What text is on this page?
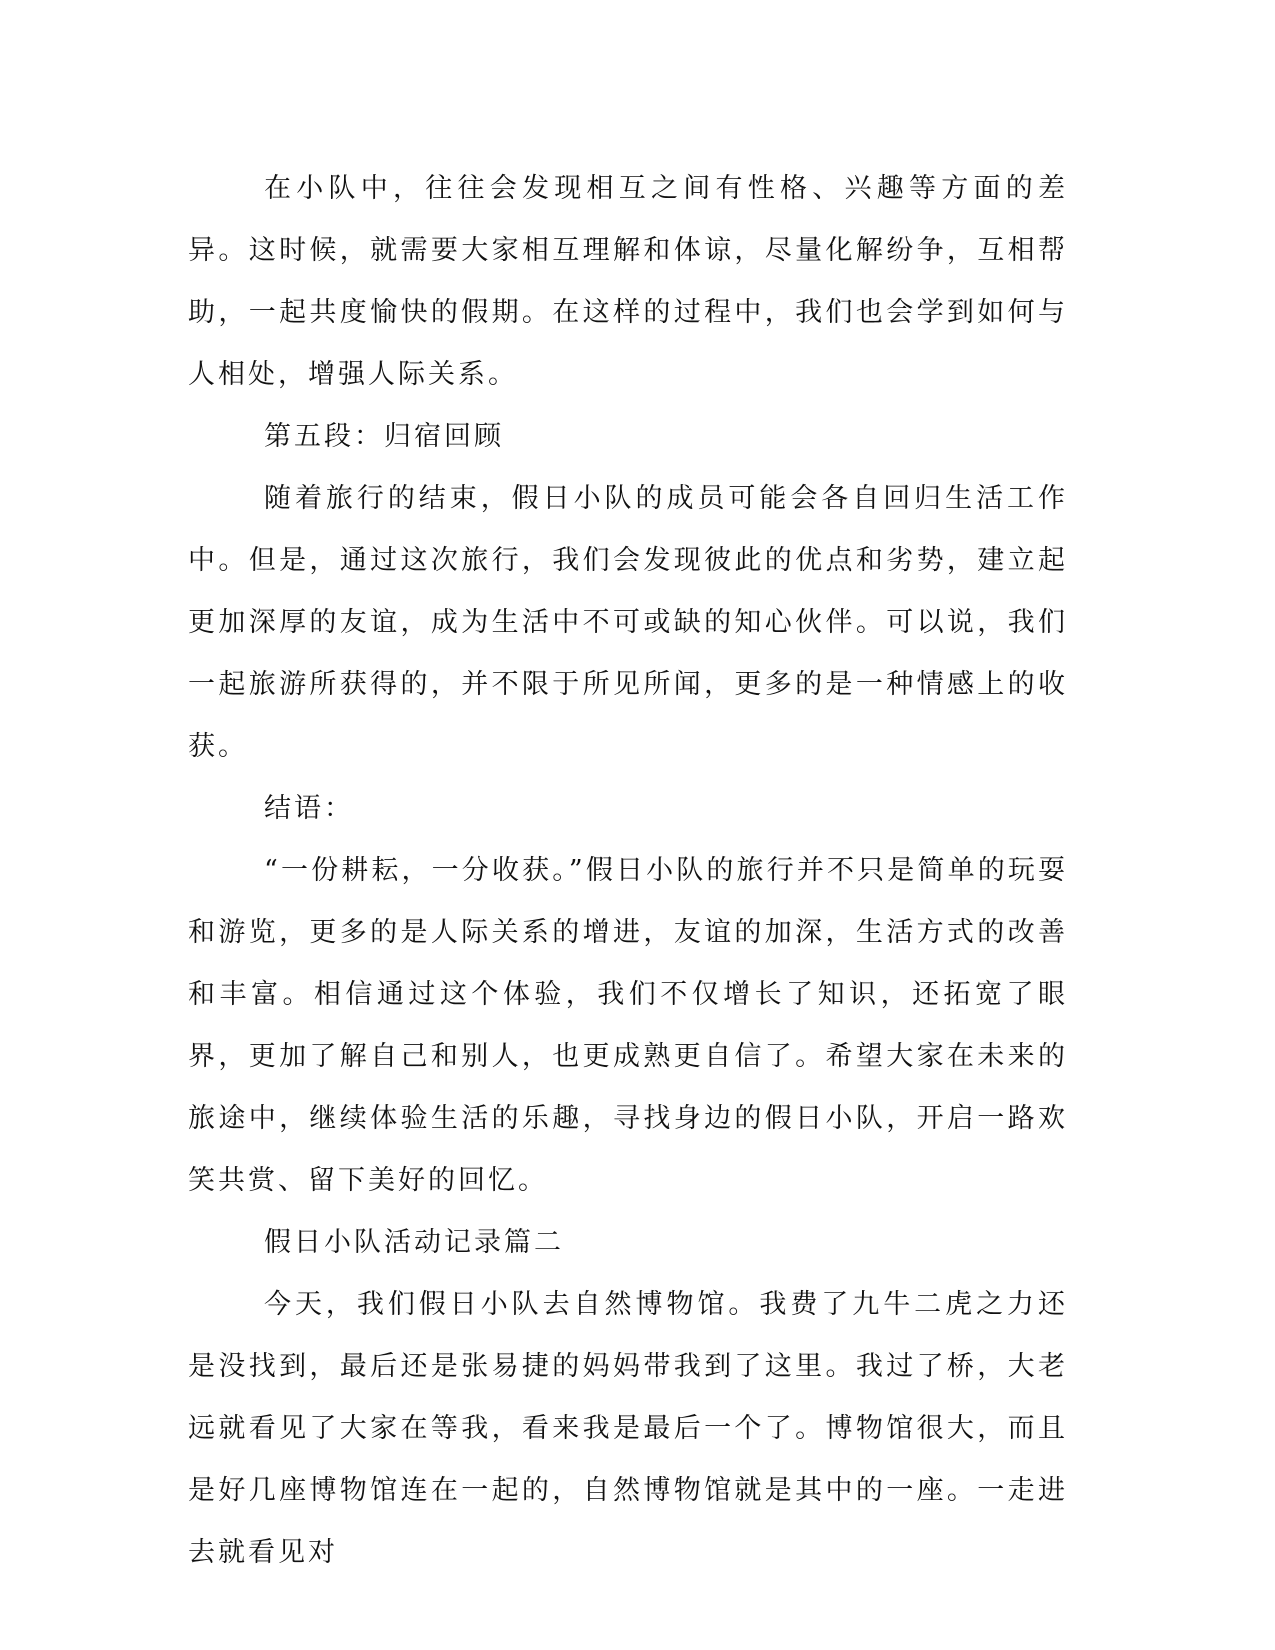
在小队中，往往会发现相互之间有性格、兴趣等方面的差异。这时候，就需要大家相互理解和体谅，尽量化解纷争，互相帮助，一起共度愉快的假期。在这样的过程中，我们也会学到如何与人相处，增强人际关系。

第五段：归宿回顾

随着旅行的结束，假日小队的成员可能会各自回归生活工作中。但是，通过这次旅行，我们会发现彼此的优点和劣势，建立起更加深厚的友谊，成为生活中不可或缺的知心伙伴。可以说，我们一起旅游所获得的，并不限于所见所闻，更多的是一种情感上的收获。

结语：

“一份耕耘，一分收获。”假日小队的旅行并不只是简单的玩耍和游览，更多的是人际关系的增进，友谊的加深，生活方式的改善和丰富。相信通过这个体验，我们不仅增长了知识，还拓宽了眼界，更加了解自己和别人，也更成熟更自信了。希望大家在未来的旅途中，继续体验生活的乐趣，寻找身边的假日小队，开启一路欢笑共赏、留下美好的回忆。

假日小队活动记录篇二

今天，我们假日小队去自然博物馆。我费了九牛二虎之力还是没找到，最后还是张易捷的妈妈带我到了这里。我过了桥，大老远就看见了大家在等我，看来我是最后一个了。博物馆很大，而且是好几座博物馆连在一起的，自然博物馆就是其中的一座。一走进去就看见对
